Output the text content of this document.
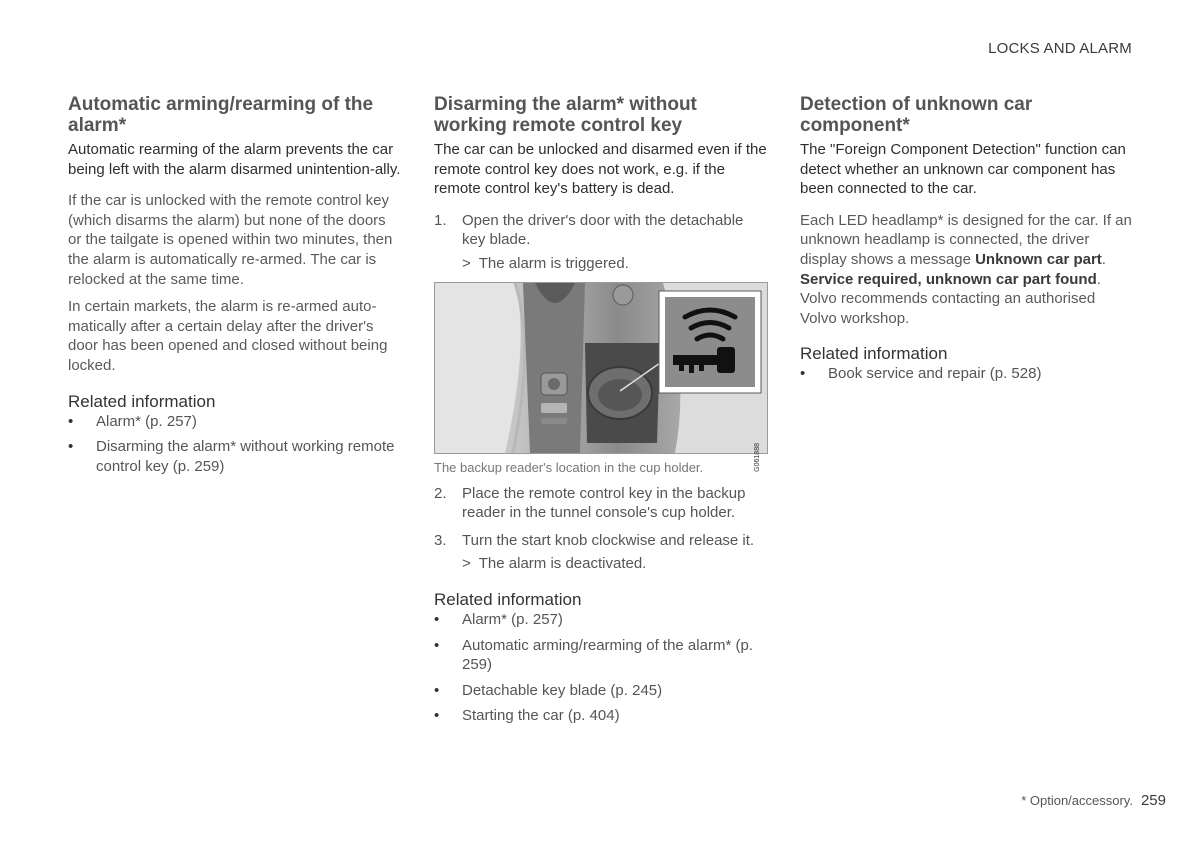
LOCKS AND ALARM
Automatic arming/rearming of the alarm*

Automatic rearming of the alarm prevents the car being left with the alarm disarmed unintention-ally.

If the car is unlocked with the remote control key (which disarms the alarm) but none of the doors or the tailgate is opened within two minutes, then the alarm is automatically re-armed. The car is relocked at the same time.

In certain markets, the alarm is re-armed auto-matically after a certain delay after the driver's door has been opened and closed without being locked.

Related information
• Alarm* (p. 257)
• Disarming the alarm* without working remote control key (p. 259)
Disarming the alarm* without working remote control key

The car can be unlocked and disarmed even if the remote control key does not work, e.g. if the remote control key's battery is dead.

1. Open the driver's door with the detachable key blade.
> The alarm is triggered.
G061888
The backup reader's location in the cup holder.
2. Place the remote control key in the backup reader in the tunnel console's cup holder.
3. Turn the start knob clockwise and release it.
> The alarm is deactivated.
Related information
• Alarm* (p. 257)
• Automatic arming/rearming of the alarm* (p. 259)
• Detachable key blade (p. 245)
• Starting the car (p. 404)
Detection of unknown car component*

The "Foreign Component Detection" function can detect whether an unknown car component has been connected to the car.

Each LED headlamp* is designed for the car. If an unknown headlamp is connected, the driver display shows a message Unknown car part. Service required, unknown car part found. Volvo recommends contacting an authorised Volvo workshop.

Related information
• Book service and repair (p. 528)
* Option/accessory. 259
